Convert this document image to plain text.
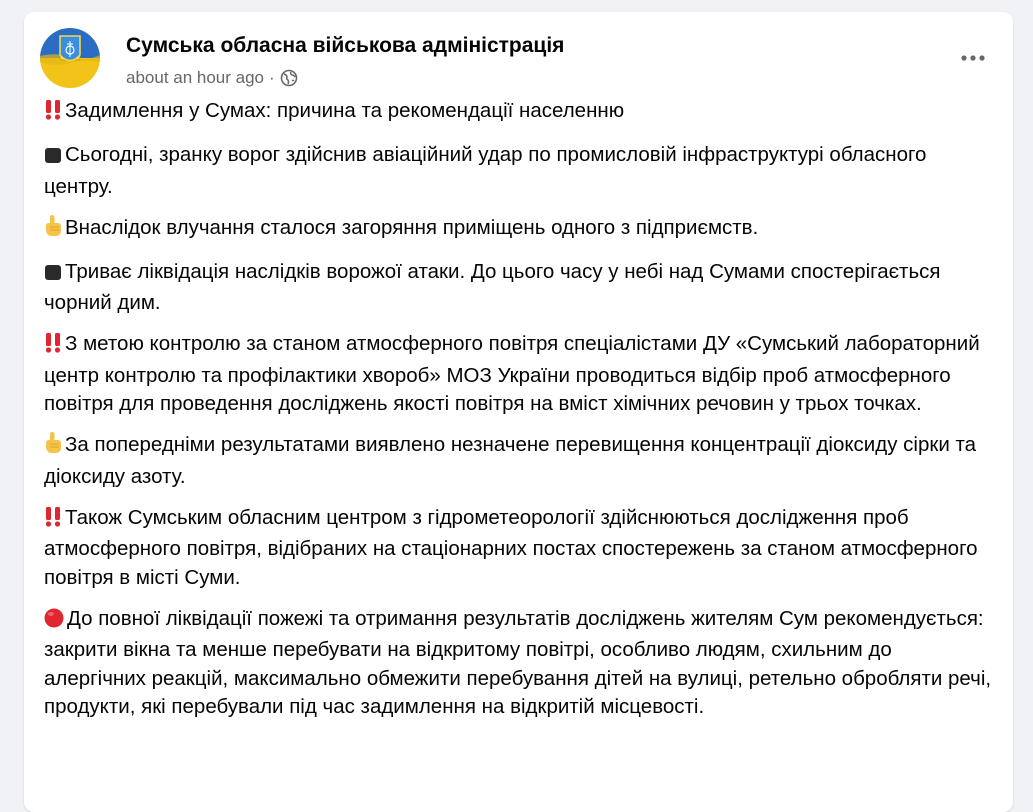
Сумська обласна військова адміністрація
about an hour ago ·
Задимлення у Сумах: причина та рекомендації населенню
Сьогодні, зранку ворог здійснив авіаційний удар по промисловій інфраструктурі обласного центру.
Внаслідок влучання сталося загоряння приміщень одного з підприємств.
Триває ліквідація наслідків ворожої атаки. До цього часу у небі над Сумами спостерігається чорний дим.
З метою контролю за станом атмосферного повітря спеціалістами ДУ «Сумський лабораторний центр контролю та профілактики хвороб» МОЗ України проводиться відбір проб атмосферного повітря для проведення досліджень якості повітря на вміст хімічних речовин у трьох точках.
За попередніми результатами виявлено незначене перевищення концентрації діоксиду сірки та діоксиду азоту.
Також Сумським обласним центром з гідрометеорології здійснюються дослідження проб атмосферного повітря, відібраних на стаціонарних постах спостережень за станом атмосферного повітря в місті Суми.
До повної ліквідації пожежі та отримання результатів досліджень жителям Сум рекомендується: закрити вікна та менше перебувати на відкритому повітрі, особливо людям, схильним до алергічних реакцій, максимально обмежити перебування дітей на вулиці, ретельно обробляти речі, продукти, які перебували під час задимлення на відкритій місцевості.
